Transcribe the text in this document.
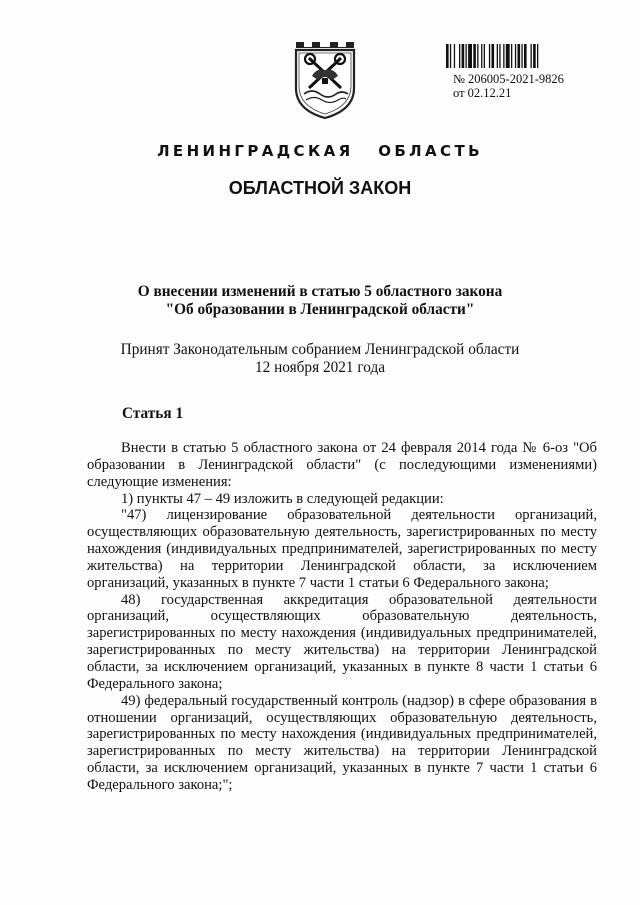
№ 206005-2021-9826
от 02.12.21
ЛЕНИНГРАДСКАЯ ОБЛАСТЬ
ОБЛАСТНОЙ ЗАКОН
О внесении изменений в статью 5 областного закона
"Об образовании в Ленинградской области"
Принят Законодательным собранием Ленинградской области
12 ноября 2021 года
Статья 1

Внести в статью 5 областного закона от 24 февраля 2014 года № 6-оз "Об образовании в Ленинградской области" (с последующими изменениями) следующие изменения:

1) пункты 47 – 49 изложить в следующей редакции:

"47) лицензирование образовательной деятельности организаций, осуществляющих образовательную деятельность, зарегистрированных по месту нахождения (индивидуальных предпринимателей, зарегистрированных по месту жительства) на территории Ленинградской области, за исключением организаций, указанных в пункте 7 части 1 статьи 6 Федерального закона;

48) государственная аккредитация образовательной деятельности организаций, осуществляющих образовательную деятельность, зарегистрированных по месту нахождения (индивидуальных предпринимателей, зарегистрированных по месту жительства) на территории Ленинградской области, за исключением организаций, указанных в пункте 8 части 1 статьи 6 Федерального закона;

49) федеральный государственный контроль (надзор) в сфере образования в отношении организаций, осуществляющих образовательную деятельность, зарегистрированных по месту нахождения (индивидуальных предпринимателей, зарегистрированных по месту жительства) на территории Ленинградской области, за исключением организаций, указанных в пункте 7 части 1 статьи 6 Федерального закона;";
